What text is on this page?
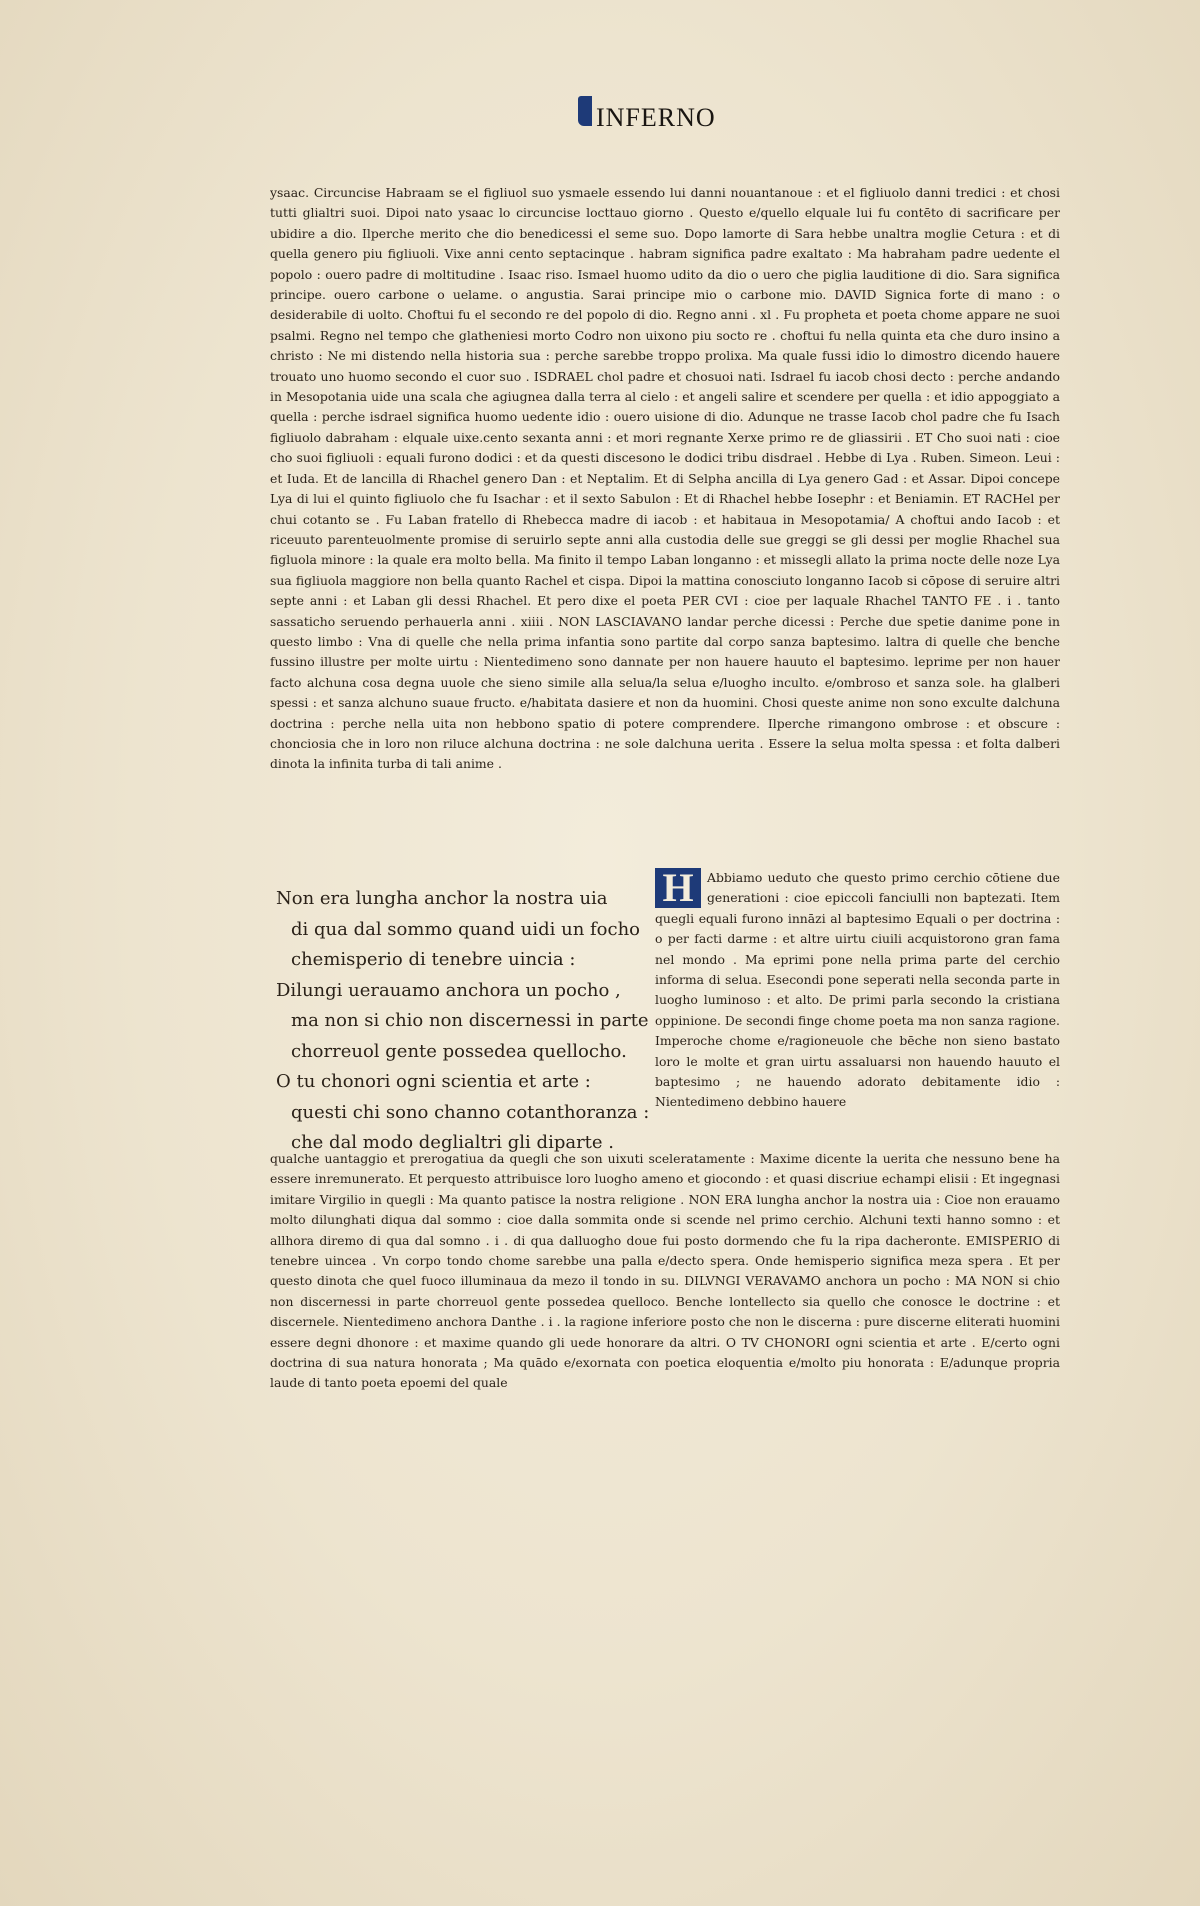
INFERNO

ysaac. Circuncise Habraam se el figliuol suo ysmaele essendo lui danni nouantanoue : et el figliuolo danni tredici : et chosi tutti glialtri suoi. Dipoi nato ysaac lo circuncise locttauo giorno . Questo e/quello elquale lui fu contēto di sacrificare per ubidire a dio. Ilperche merito che dio benedicessi el seme suo. Dopo lamorte di Sara hebbe unaltra moglie Cetura : et di quella genero piu figliuoli. Vixe anni cento septacinque . habram significa padre exaltato : Ma habraham padre uedente el popolo : ouero padre di moltitudine . Isaac riso. Ismael huomo udito da dio o uero che piglia lauditione di dio. Sara significa principe. ouero carbone o uelame. o angustia. Sarai principe mio o carbone mio. DAVID Signica forte di mano : o desiderabile di uolto. Choftui fu el secondo re del popolo di dio. Regno anni . xl . Fu propheta et poeta chome appare ne suoi psalmi. Regno nel tempo che glatheniesi morto Codro non uixono piu socto re . choftui fu nella quinta eta che duro insino a christo : Ne mi distendo nella historia sua : perche sarebbe troppo prolixa. Ma quale fussi idio lo dimostro dicendo hauere trouato uno huomo secondo el cuor suo . ISDRAEL chol padre et chosuoi nati. Isdrael fu iacob chosi decto : perche andando in Mesopotania uide una scala che agiugnea dalla terra al cielo : et angeli salire et scendere per quella : et idio appoggiato a quella : perche isdrael significa huomo uedente idio : ouero uisione di dio. Adunque ne trasse Iacob chol padre che fu Isach figliuolo dabraham : elquale uixe.cento sexanta anni : et mori regnante Xerxe primo re de gliassirii . ET Cho suoi nati : cioe cho suoi figliuoli : equali furono dodici : et da questi discesono le dodici tribu disdrael . Hebbe di Lya . Ruben. Simeon. Leui : et Iuda. Et de lancilla di Rhachel genero Dan : et Neptalim. Et di Selpha ancilla di Lya genero Gad : et Assar. Dipoi concepe Lya di lui el quinto figliuolo che fu Isachar : et il sexto Sabulon : Et di Rhachel hebbe Iosephr : et Beniamin. ET RACHel per chui cotanto se . Fu Laban fratello di Rhebecca madre di iacob : et habitaua in Mesopotamia/ A choftui ando Iacob : et riceuuto parenteuolmente promise di seruirlo septe anni alla custodia delle sue greggi se gli dessi per moglie Rhachel sua figluola minore : la quale era molto bella. Ma finito il tempo Laban longanno : et missegli allato la prima nocte delle noze Lya sua figliuola maggiore non bella quanto Rachel et cispa. Dipoi la mattina conosciuto longanno Iacob si cōpose di seruire altri septe anni : et Laban gli dessi Rhachel. Et pero dixe el poeta PER CVI : cioe per laquale Rhachel TANTO FE . i . tanto sassatichо seruendo perhauerla anni . xiiii . NON LASCIAVANO landar perche dicessi : Perche due spetie danime pone in questo limbo : Vna di quelle che nella prima infantia sono partite dal corpo sanza baptesimo. laltra di quelle che benche fussino illustre per molte uirtu : Nientedimeno sono dannate per non hauere hauuto el baptesimo. leprime per non hauer facto alchuna cosa degna uuole che sieno simile alla selua/la selua e/luogho inculto. e/ombroso et sanza sole. ha glalberi spessi : et sanza alchuno suaue fructo. e/habitata dasiere et non da huomini. Chosi queste anime non sono exculte dalchuna doctrina : perche nella uita non hebbono spatio di potere comprendere. Ilperche rimangono ombrose : et obscure : chonciosia che in loro non riluce alchuna doctrina : ne sole dalchuna uerita . Essere la selua molta spessa : et folta dalberi dinota la infinita turba di tali anime .

Non era lungha anchor la nostra uia
di qua dal sommo quand uidi un focho
chemisperio di tenebre uincia :
Dilungi uerauamo anchora un pocho ,
ma non si chio non discernessi in parte
chorreuol gente possedea quellocho.
O tu chonori ogni scientia et arte :
questi chi sono channo cotanthoranza :
che dal modo deglialtri gli diparte .
H	Abbiamo ueduto che questo primo cerchio cōtiene due generationi : cioe epiccoli fanciulli non baptezati. Item quegli equali furono innāzi al baptesimo Equali o per doctrina : o per facti darme : et altre uirtu ciuili acquistorono gran fama nel mondo . Ma eprimi pone nella prima parte del cerchio informa di selua. Esecondi pone seperati nella seconda parte in luogho luminoso : et alto. De primi parla secondo la cristiana oppinione. De secondi finge chome poeta ma non sanza ragione. Imperoche chome e/ragioneuole che bēche non sieno bastato loro le molte et gran uirtu assaluarsi non hauendo hauuto el baptesimo ; ne hauendo adorato debitamente idio : Nientedimeno debbino hauere

qualche uantaggio et prerogatiua da quegli che son uixuti sceleratamente : Maxime dicente la uerita che nessuno bene ha essere inremunerato. Et perquesto attribuisce loro luogho ameno et giocondo : et quasi discriue echampi elisii : Et ingegnasi imitare Virgilio in quegli : Ma quanto patisce la nostra religione . NON ERA lungha anchor la nostra uia : Cioe non erauamo molto dilunghati diqua dal sommo : cioe dalla sommita onde si scende nel primo cerchio. Alchuni texti hanno somno : et allhora diremo di qua dal somno . i . di qua dalluogho doue fui posto dormendo che fu la ripa dacheronte. EMISPERIO di tenebre uincea . Vn corpo tondo chome sarebbe una palla e/decto spera. Onde hemisperio significa meza spera . Et per questo dinota che quel fuoco illuminaua da mezo il tondo in su. DILVNGI VERAVAMO anchora un pocho : MA NON si chio non discernessi in parte chorreuol gente possedea quelloco. Benche lontellecto sia quello che conosce le doctrine : et discernele. Nientedimeno anchora Danthe . i . la ragione inferiore posto che non le discerna : pure discerne eliterati huomini essere degni dhonore : et maxime quando gli uede honorare da altri. O TV CHONORI ogni scientia et arte . E/certo ogni doctrina di sua natura honorata ; Ma quādo e/exornata con poetica eloquentia e/molto piu honorata : E/adunque propria laude di tanto poeta epoemi del quale
